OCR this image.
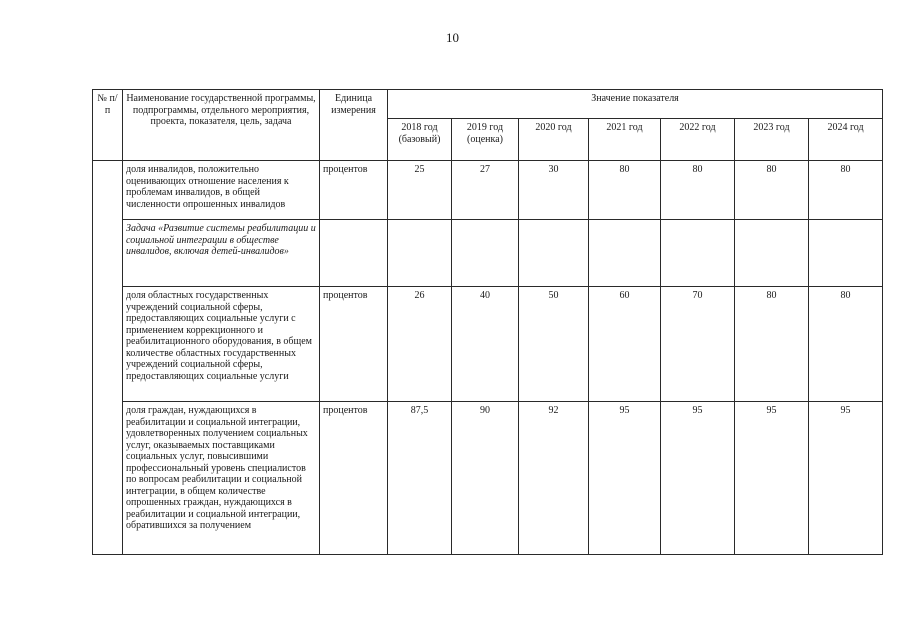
10
№ п/п	Наименование государственной программы, подпрограммы, отдельного мероприятия, проекта, показателя, цель, задача	Единица измерения	Значение показателя						
			2018 год (базовый)	2019 год (оценка)	2020 год	2021 год	2022 год	2023 год	2024 год
	доля инвалидов, положительно оценивающих отношение населения к проблемам инвалидов, в общей численности опрошенных инвалидов	процентов	25	27	30	80	80	80	80
	Задача «Развитие системы реабилитации и социальной интеграции в обществе инвалидов, включая детей-инвалидов»								
	доля областных государственных учреждений социальной сферы, предоставляющих социальные услуги с применением коррекционного и реабилитационного оборудования, в общем количестве областных государственных учреждений социальной сферы, предоставляющих социальные услуги	процентов	26	40	50	60	70	80	80
	доля граждан, нуждающихся в реабилитации и социальной интеграции, удовлетворенных получением социальных услуг, оказываемых поставщиками социальных услуг, повысившими профессиональный уровень специалистов по вопросам реабилитации и социальной интеграции, в общем количестве опрошенных граждан, нуждающихся в реабилитации и социальной интеграции, обратившихся за получением	процентов	87,5	90	92	95	95	95	95
